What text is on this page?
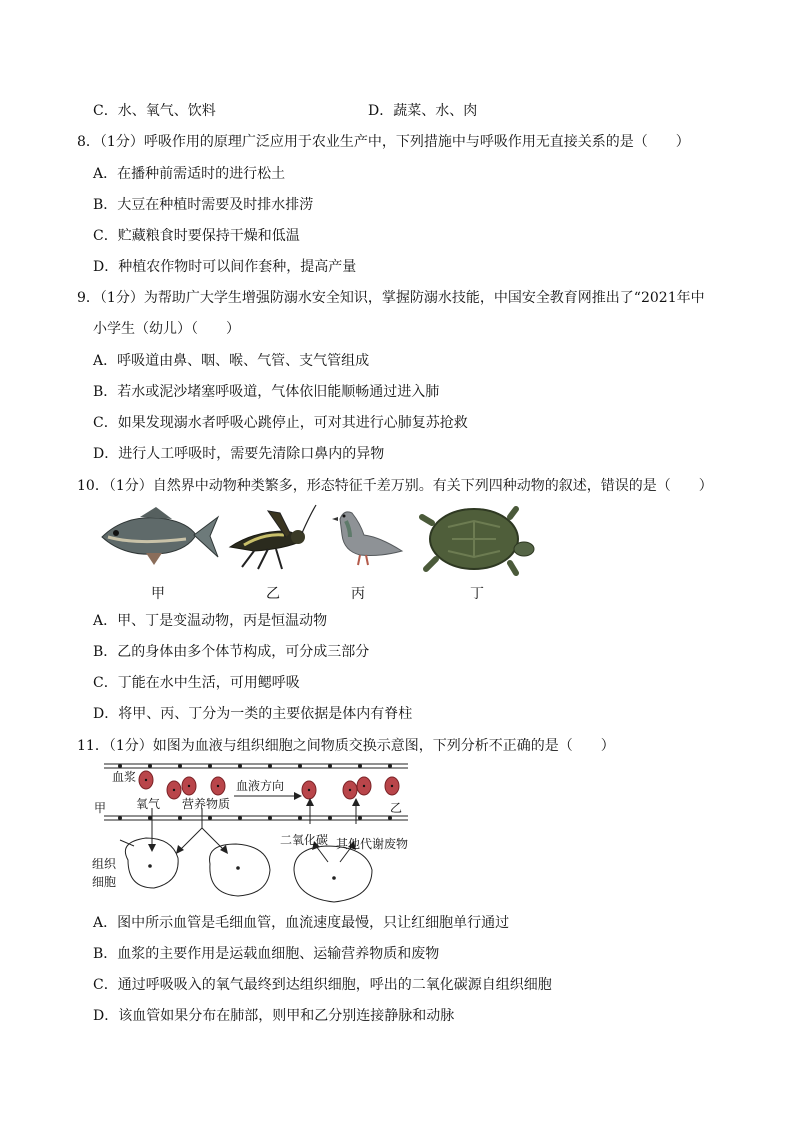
C．水、氧气、饮料	D．蔬菜、水、肉
8．（1分）呼吸作用的原理广泛应用于农业生产中，下列措施中与呼吸作用无直接关系的是（　　）
A．在播种前需适时的进行松土
B．大豆在种植时需要及时排水排涝
C．贮藏粮食时要保持干燥和低温
D．种植农作物时可以间作套种，提高产量
9．（1分）为帮助广大学生增强防溺水安全知识，掌握防溺水技能，中国安全教育网推出了“2021年中
小学生（幼儿）（　　）
A．呼吸道由鼻、咽、喉、气管、支气管组成
B．若水或泥沙堵塞呼吸道，气体依旧能顺畅通过进入肺
C．如果发现溺水者呼吸心跳停止，可对其进行心肺复苏抢救
D．进行人工呼吸时，需要先清除口鼻内的异物
10．（1分）自然界中动物种类繁多，形态特征千差万别。有关下列四种动物的叙述，错误的是（　　）
甲	乙	丙	丁
A．甲、丁是变温动物，丙是恒温动物
B．乙的身体由多个体节构成，可分成三部分
C．丁能在水中生活，可用鳃呼吸
D．将甲、丙、丁分为一类的主要依据是体内有脊柱
11．（1分）如图为血液与组织细胞之间物质交换示意图，下列分析不正确的是（　　）
血浆
血液方向
甲	乙
氧气 营养物质
二氧化碳 其他代谢废物
组织
细胞
A．图中所示血管是毛细血管，血流速度最慢，只让红细胞单行通过
B．血浆的主要作用是运载血细胞、运输营养物质和废物
C．通过呼吸吸入的氧气最终到达组织细胞，呼出的二氧化碳源自组织细胞
D．该血管如果分布在肺部，则甲和乙分别连接静脉和动脉
